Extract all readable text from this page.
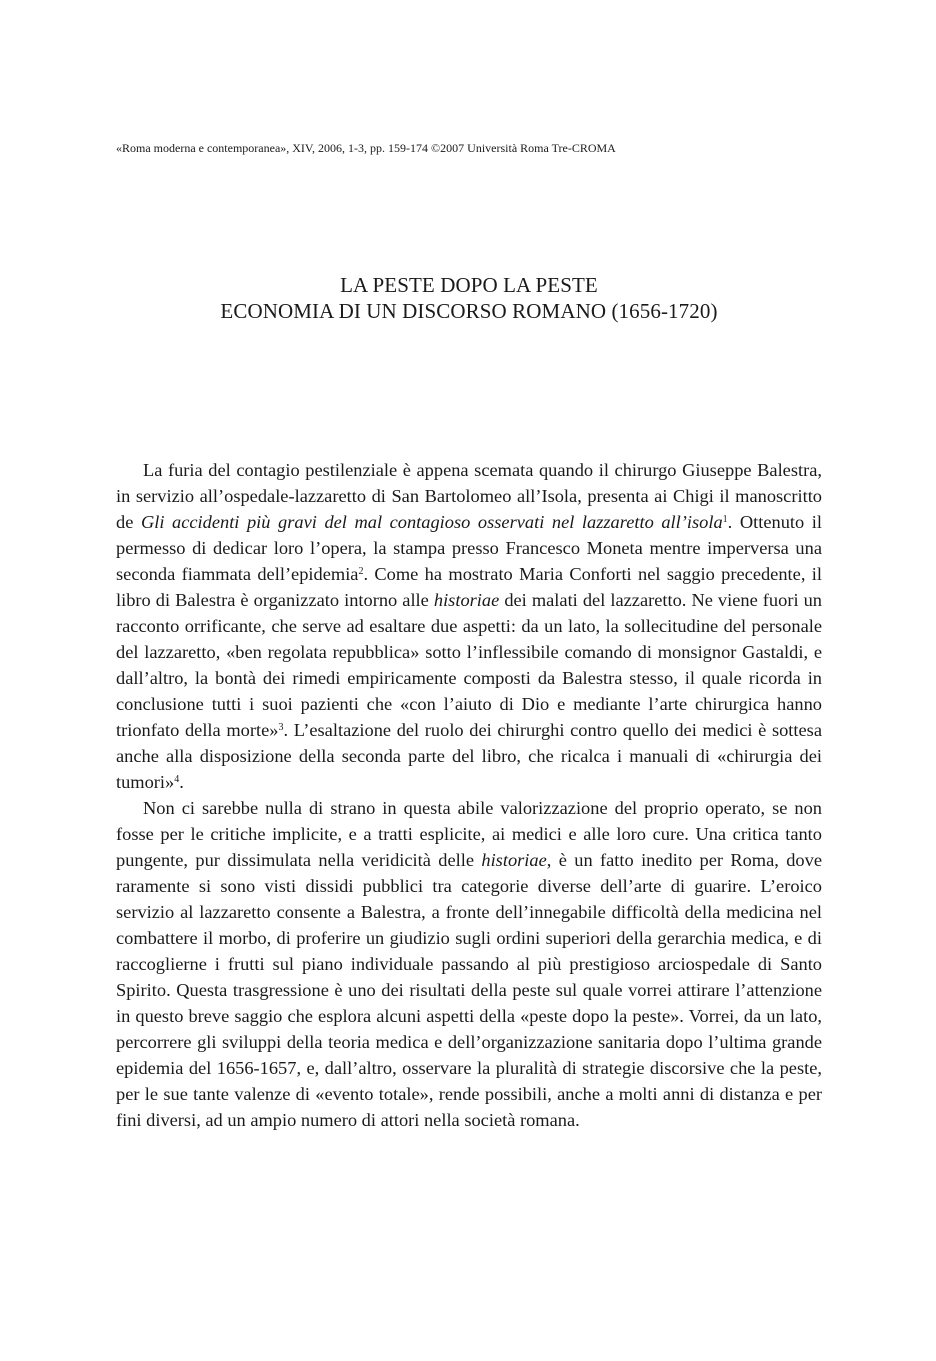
«Roma moderna e contemporanea», XIV, 2006, 1-3, pp. 159-174 ©2007 Università Roma Tre-CROMA
LA PESTE DOPO LA PESTE
ECONOMIA DI UN DISCORSO ROMANO (1656-1720)

La furia del contagio pestilenziale è appena scemata quando il chirurgo Giuseppe Balestra, in servizio all’ospedale-lazzaretto di San Bartolomeo all’Isola, presenta ai Chigi il manoscritto de Gli accidenti più gravi del mal contagioso osservati nel lazzaretto all’isola$^1$. Ottenuto il permesso di dedicar loro l’opera, la stampa presso Francesco Moneta mentre imperversa una seconda fiammata dell’epidemia$^2$. Come ha mostrato Maria Conforti nel saggio precedente, il libro di Balestra è organizzato intorno alle historiae dei malati del lazzaretto. Ne viene fuori un racconto orrificante, che serve ad esaltare due aspetti: da un lato, la sollecitudine del personale del lazzaretto, «ben regolata repubblica» sotto l’inflessibile comando di monsignor Gastaldi, e dall’altro, la bontà dei rimedi empiricamente composti da Balestra stesso, il quale ricorda in conclusione tutti i suoi pazienti che «con l’aiuto di Dio e mediante l’arte chirurgica hanno trionfato della morte»$^3$. L’esaltazione del ruolo dei chirurghi contro quello dei medici è sottesa anche alla disposizione della seconda parte del libro, che ricalca i manuali di «chirurgia dei tumori»$^4$.

Non ci sarebbe nulla di strano in questa abile valorizzazione del proprio operato, se non fosse per le critiche implicite, e a tratti esplicite, ai medici e alle loro cure. Una critica tanto pungente, pur dissimulata nella veridicità delle historiae, è un fatto inedito per Roma, dove raramente si sono visti dissidi pubblici tra categorie diverse dell’arte di guarire. L’eroico servizio al lazzaretto consente a Balestra, a fronte dell’innegabile difficoltà della medicina nel combattere il morbo, di proferire un giudizio sugli ordini superiori della gerarchia medica, e di raccoglierne i frutti sul piano individuale passando al più prestigioso arciospedale di Santo Spirito. Questa trasgressione è uno dei risultati della peste sul quale vorrei attirare l’attenzione in questo breve saggio che esplora alcuni aspetti della «peste dopo la peste». Vorrei, da un lato, percorrere gli sviluppi della teoria medica e dell’organizzazione sanitaria dopo l’ultima grande epidemia del 1656-1657, e, dall’altro, osservare la pluralità di strategie discorsive che la peste, per le sue tante valenze di «evento totale», rende possibili, anche a molti anni di distanza e per fini diversi, ad un ampio numero di attori nella società romana.
